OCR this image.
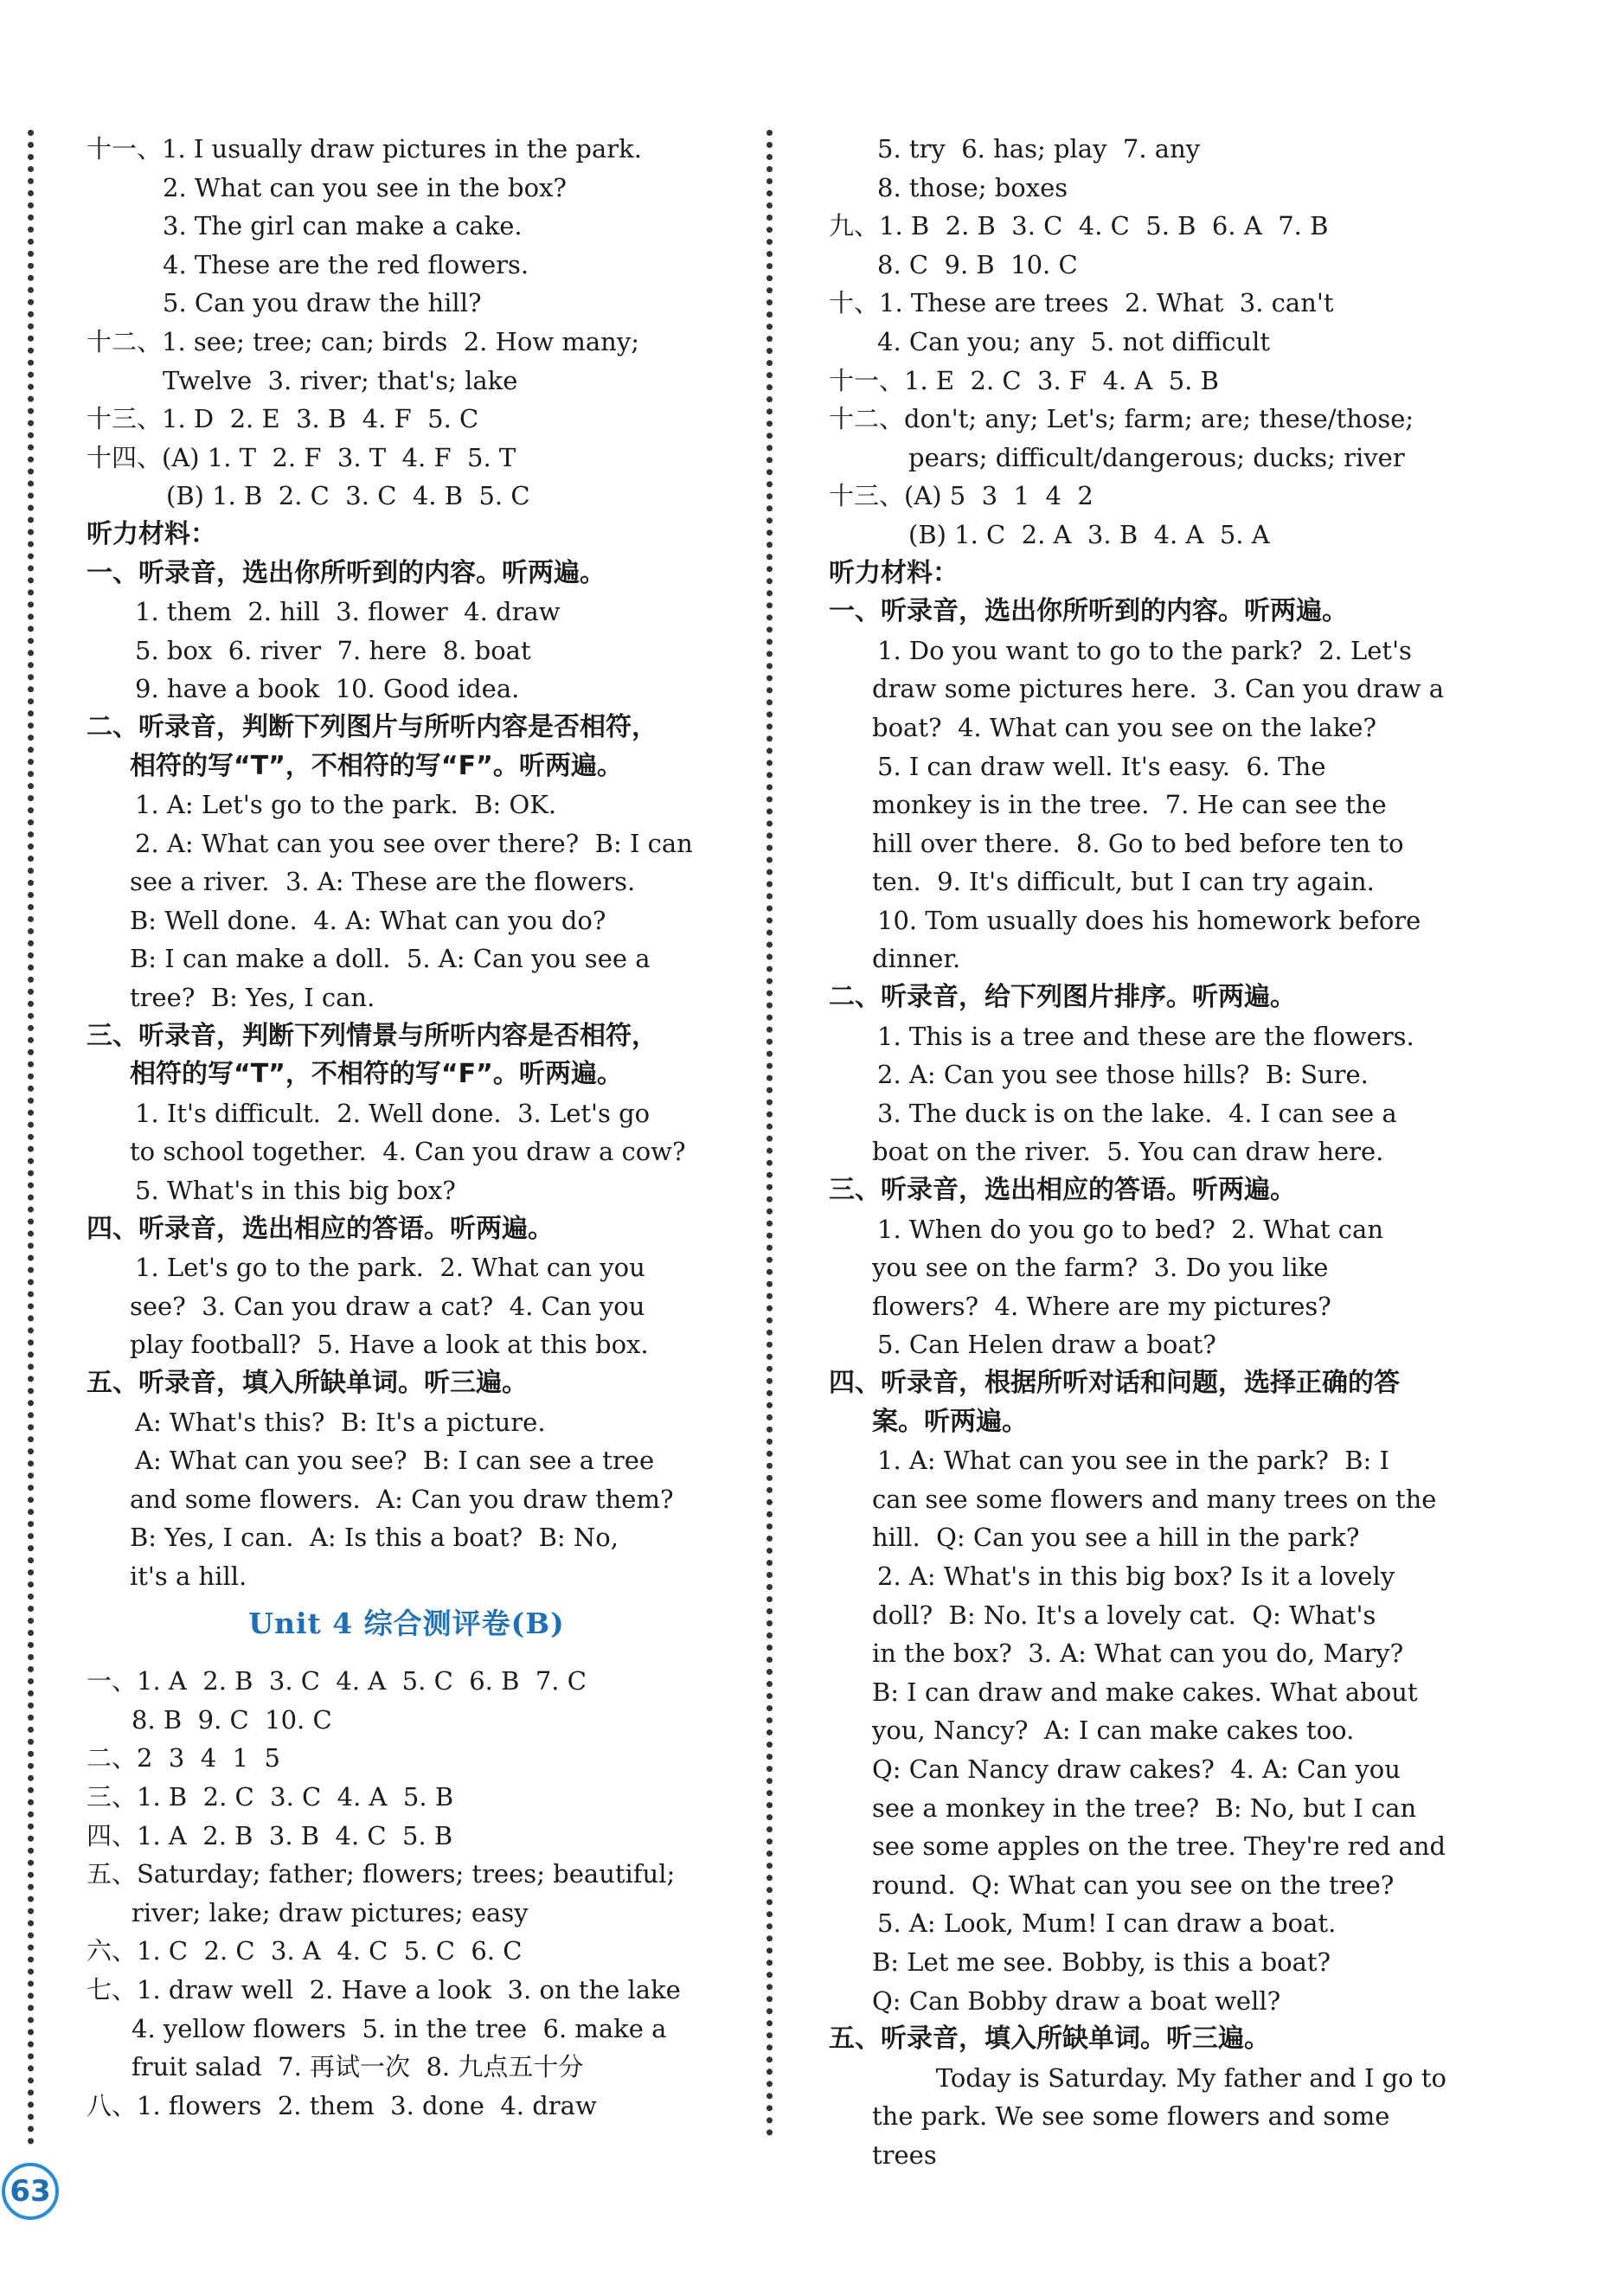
十一、1. I usually draw pictures in the park.
2. What can you see in the box?
3. The girl can make a cake.
4. These are the red flowers.
5. Can you draw the hill?
十二、1. see; tree; can; birds  2. How many;
Twelve  3. river; that's; lake
十三、1. D  2. E  3. B  4. F  5. C
十四、(A) 1. T  2. F  3. T  4. F  5. T
(B) 1. B  2. C  3. C  4. B  5. C
听力材料：
一、听录音，选出你所听到的内容。听两遍。
1. them  2. hill  3. flower  4. draw
5. box  6. river  7. here  8. boat
9. have a book  10. Good idea.
二、听录音，判断下列图片与所听内容是否相符，
相符的写“T”，不相符的写“F”。听两遍。
1. A: Let's go to the park.  B: OK.
2. A: What can you see over there?  B: I can
see a river.  3. A: These are the flowers.
B: Well done.  4. A: What can you do?
B: I can make a doll.  5. A: Can you see a
tree?  B: Yes, I can.
三、听录音，判断下列情景与所听内容是否相符，
相符的写“T”，不相符的写“F”。听两遍。
1. It's difficult.  2. Well done.  3. Let's go
to school together.  4. Can you draw a cow?
5. What's in this big box?
四、听录音，选出相应的答语。听两遍。
1. Let's go to the park.  2. What can you
see?  3. Can you draw a cat?  4. Can you
play football?  5. Have a look at this box.
五、听录音，填入所缺单词。听三遍。
A: What's this?  B: It's a picture.
A: What can you see?  B: I can see a tree
and some flowers.  A: Can you draw them?
B: Yes, I can.  A: Is this a boat?  B: No,
it's a hill.
Unit 4 综合测评卷(B)
一、1. A  2. B  3. C  4. A  5. C  6. B  7. C
8. B  9. C  10. C
二、2  3  4  1  5
三、1. B  2. C  3. C  4. A  5. B
四、1. A  2. B  3. B  4. C  5. B
五、Saturday; father; flowers; trees; beautiful;
river; lake; draw pictures; easy
六、1. C  2. C  3. A  4. C  5. C  6. C
七、1. draw well  2. Have a look  3. on the lake
4. yellow flowers  5. in the tree  6. make a
fruit salad  7. 再试一次  8. 九点五十分
八、1. flowers  2. them  3. done  4. draw
5. try  6. has; play  7. any
8. those; boxes
九、1. B  2. B  3. C  4. C  5. B  6. A  7. B
8. C  9. B  10. C
十、1. These are trees  2. What  3. can't
4. Can you; any  5. not difficult
十一、1. E  2. C  3. F  4. A  5. B
十二、don't; any; Let's; farm; are; these/those;
pears; difficult/dangerous; ducks; river
十三、(A) 5  3  1  4  2
(B) 1. C  2. A  3. B  4. A  5. A
听力材料：
一、听录音，选出你所听到的内容。听两遍。
1. Do you want to go to the park?  2. Let's
draw some pictures here.  3. Can you draw a
boat?  4. What can you see on the lake?
5. I can draw well. It's easy.  6. The
monkey is in the tree.  7. He can see the
hill over there.  8. Go to bed before ten to
ten.  9. It's difficult, but I can try again.
10. Tom usually does his homework before
dinner.
二、听录音，给下列图片排序。听两遍。
1. This is a tree and these are the flowers.
2. A: Can you see those hills?  B: Sure.
3. The duck is on the lake.  4. I can see a
boat on the river.  5. You can draw here.
三、听录音，选出相应的答语。听两遍。
1. When do you go to bed?  2. What can
you see on the farm?  3. Do you like
flowers?  4. Where are my pictures?
5. Can Helen draw a boat?
四、听录音，根据所听对话和问题，选择正确的答
案。听两遍。
1. A: What can you see in the park?  B: I
can see some flowers and many trees on the
hill.  Q: Can you see a hill in the park?
2. A: What's in this big box? Is it a lovely
doll?  B: No. It's a lovely cat.  Q: What's
in the box?  3. A: What can you do, Mary?
B: I can draw and make cakes. What about
you, Nancy?  A: I can make cakes too.
Q: Can Nancy draw cakes?  4. A: Can you
see a monkey in the tree?  B: No, but I can
see some apples on the tree. They're red and
round.  Q: What can you see on the tree?
5. A: Look, Mum! I can draw a boat.
B: Let me see. Bobby, is this a boat?
Q: Can Bobby draw a boat well?
五、听录音，填入所缺单词。听三遍。
Today is Saturday. My father and I go to
the park. We see some flowers and some trees
63
